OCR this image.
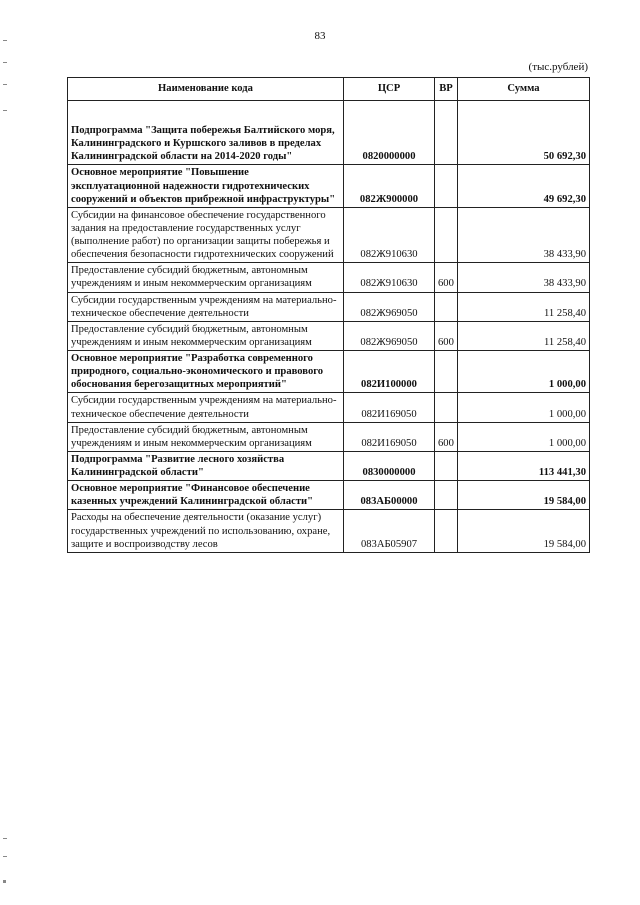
83
(тыс.рублей)
Наименование кода	ЦСР	ВР	Сумма

Подпрограмма "Защита побережья Балтийского моря, Калининградского и Куршского заливов в пределах Калининградской области на 2014-2020 годы"	0820000000		50 692,30
Основное мероприятие "Повышение эксплуатационной надежности гидротехнических сооружений и объектов прибрежной инфраструктуры"	082Ж900000		49 692,30
Субсидии на финансовое обеспечение государственного задания на предоставление государственных услуг (выполнение работ) по организации защиты побережья и обеспечения безопасности гидротехнических сооружений	082Ж910630		38 433,90
Предоставление субсидий бюджетным, автономным учреждениям и иным некоммерческим организациям	082Ж910630	600	38 433,90
Субсидии государственным учреждениям на материально-техническое обеспечение деятельности	082Ж969050		11 258,40
Предоставление субсидий бюджетным, автономным учреждениям и иным некоммерческим организациям	082Ж969050	600	11 258,40
Основное мероприятие "Разработка современного природного, социально-экономического и правового обоснования берегозащитных мероприятий"	082И100000		1 000,00
Субсидии государственным учреждениям на материально-техническое обеспечение деятельности	082И169050		1 000,00
Предоставление субсидий бюджетным, автономным учреждениям и иным некоммерческим организациям	082И169050	600	1 000,00
Подпрограмма "Развитие лесного хозяйства Калининградской области"	0830000000		113 441,30
Основное мероприятие "Финансовое обеспечение казенных учреждений Калининградской области"	083АБ00000		19 584,00
Расходы на обеспечение деятельности (оказание услуг) государственных учреждений по использованию, охране, защите и воспроизводству лесов	083АБ05907		19 584,00
